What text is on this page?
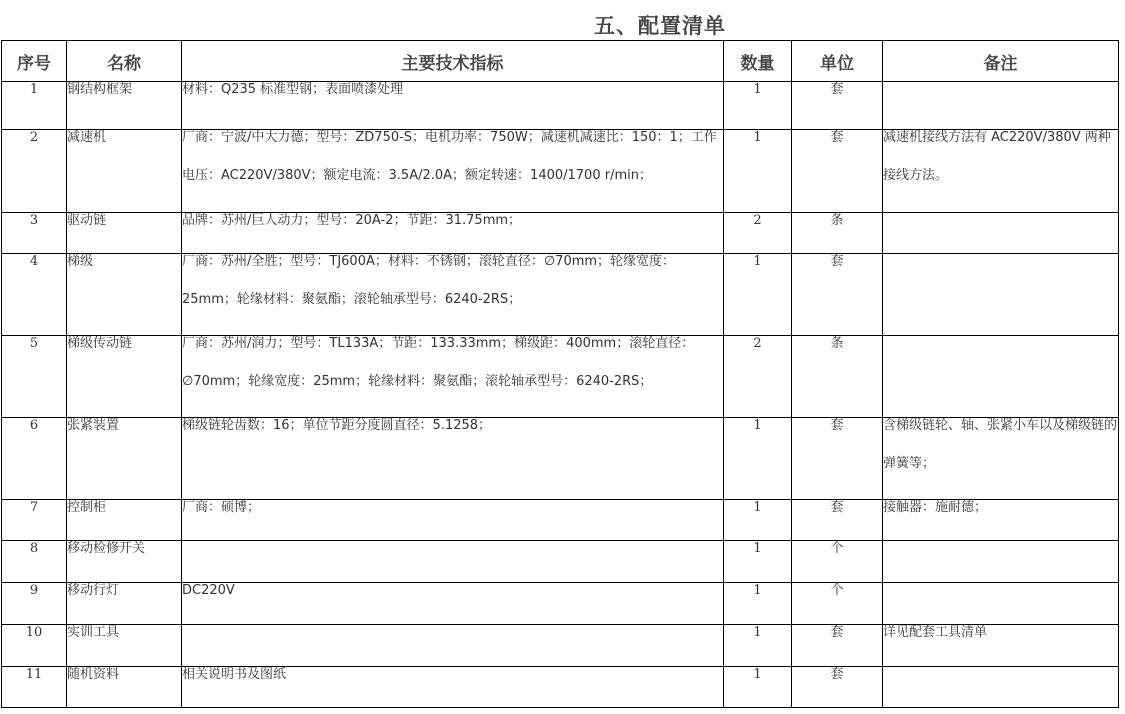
五、配置清单
序号	名称	主要技术指标	数量	单位	备注

1	钢结构框架	材料：Q235 标准型钢；表面喷漆处理	1	套	

2	减速机	厂商：宁波/中大力德；型号：ZD750-S；电机功率：750W；减速机减速比：150：1；工作电压：AC220V/380V；额定电流：3.5A/2.0A；额定转速：1400/1700 r/min；	1	套	减速机接线方法有 AC220V/380V 两种接线方法。

3	驱动链	品牌：苏州/巨人动力；型号：20A-2；节距：31.75mm；	2	条	

4	梯级	厂商：苏州/全胜；型号：TJ600A；材料：不锈钢；滚轮直径：∅70mm；轮缘宽度：25mm；轮缘材料：聚氨酯；滚轮轴承型号：6240-2RS；	1	套	

5	梯级传动链	厂商：苏州/润力；型号：TL133A；节距：133.33mm；梯级距：400mm；滚轮直径：∅70mm；轮缘宽度：25mm；轮缘材料：聚氨酯；滚轮轴承型号：6240-2RS；	2	条	

6	张紧装置	梯级链轮齿数：16；单位节距分度圆直径：5.1258；	1	套	含梯级链轮、轴、张紧小车以及梯级链的弹簧等；

7	控制柜	厂商：硕博；	1	套	接触器：施耐德；

8	移动检修开关		1	个	

9	移动行灯	DC220V	1	个	

10	实训工具		1	套	详见配套工具清单

11	随机资料	相关说明书及图纸	1	套	
